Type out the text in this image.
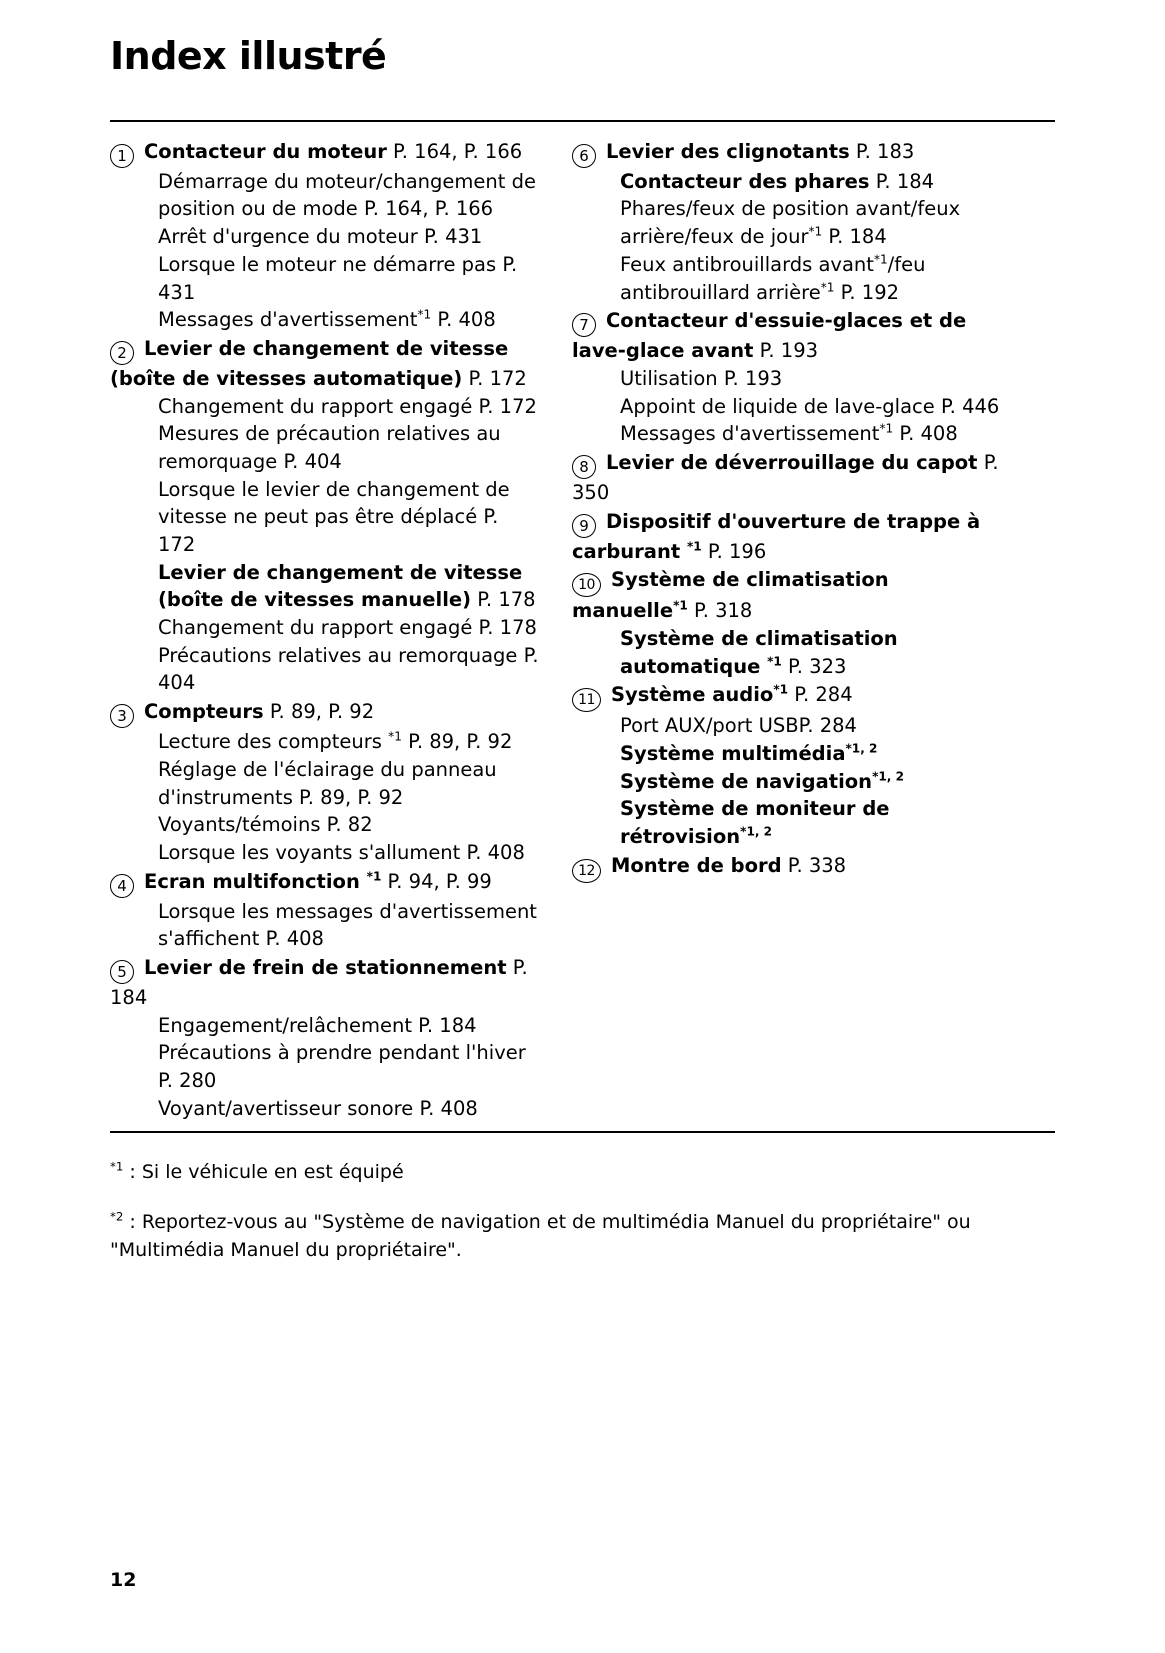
Index illustré
1 Contacteur du moteur P. 164, P. 166
Démarrage du moteur/changement de position ou de mode P. 164, P. 166
Arrêt d'urgence du moteur P. 431
Lorsque le moteur ne démarre pas P. 431
Messages d'avertissement$^{*1}$ P. 408
2 Levier de changement de vitesse (boîte de vitesses automatique) P. 172
Changement du rapport engagé P. 172
Mesures de précaution relatives au remorquage P. 404
Lorsque le levier de changement de vitesse ne peut pas être déplacé P. 172
Levier de changement de vitesse (boîte de vitesses manuelle) P. 178
Changement du rapport engagé P. 178
Précautions relatives au remorquage P. 404
3 Compteurs P. 89, P. 92
Lecture des compteurs $^{*1}$ P. 89, P. 92
Réglage de l'éclairage du panneau d'instruments P. 89, P. 92
Voyants/témoins P. 82
Lorsque les voyants s'allument P. 408
4 Ecran multifonction $^{*1}$ P. 94, P. 99
Lorsque les messages d'avertissement s'affichent P. 408
5 Levier de frein de stationnement P. 184
Engagement/relâchement P. 184
Précautions à prendre pendant l'hiver P. 280
Voyant/avertisseur sonore P. 408
6 Levier des clignotants P. 183
Contacteur des phares P. 184
Phares/feux de position avant/feux arrière/feux de jour$^{*1}$ P. 184
Feux antibrouillards avant$^{*1}$/feu antibrouillard arrière$^{*1}$ P. 192
7 Contacteur d'essuie-glaces et de lave-glace avant P. 193
Utilisation P. 193
Appoint de liquide de lave-glace P. 446
Messages d'avertissement$^{*1}$ P. 408
8 Levier de déverrouillage du capot P. 350
9 Dispositif d'ouverture de trappe à carburant $^{*1}$ P. 196
10 Système de climatisation manuelle$^{*1}$ P. 318
Système de climatisation automatique $^{*1}$ P. 323
11 Système audio$^{*1}$ P. 284
Port AUX/port USBP. 284
Système multimédia$^{*1, 2}$
Système de navigation$^{*1, 2}$
Système de moniteur de rétrovision$^{*1, 2}$
12 Montre de bord P. 338
$^{*1}$ : Si le véhicule en est équipé
$^{*2}$ : Reportez-vous au "Système de navigation et de multimédia Manuel du propriétaire" ou "Multimédia Manuel du propriétaire".
12
